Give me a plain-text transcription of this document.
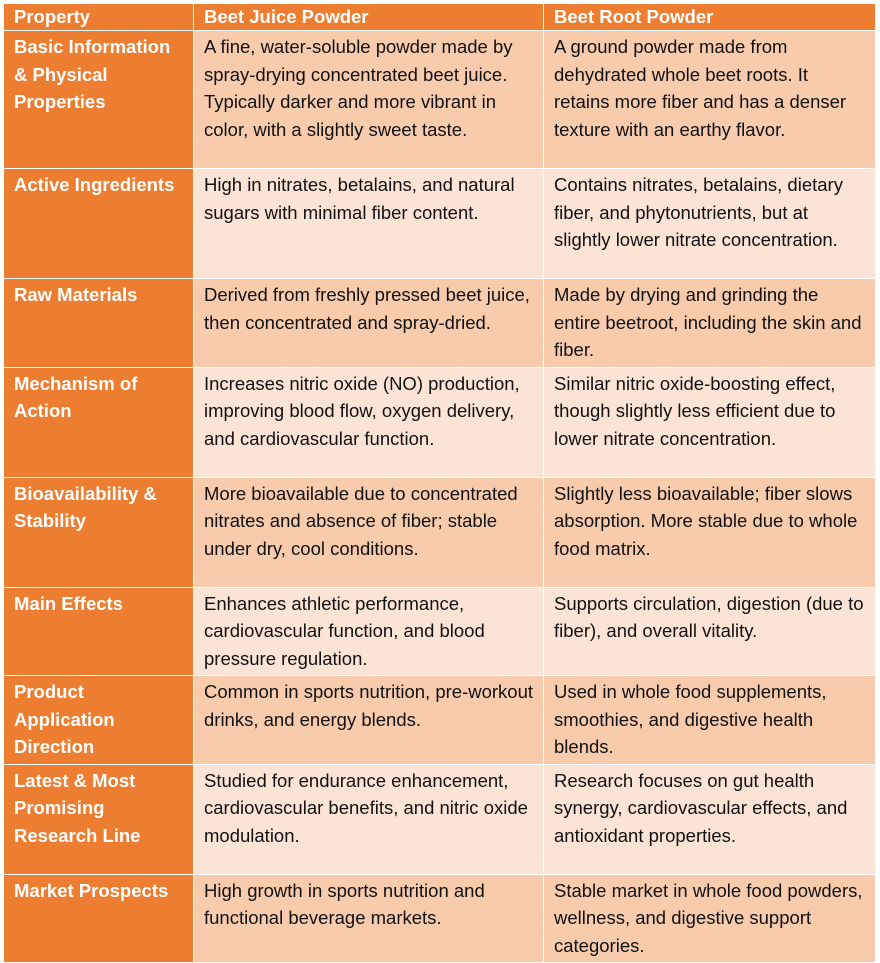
Property	Beet Juice Powder	Beet Root Powder
Basic Information & Physical Properties	A fine, water-soluble powder made by spray-drying concentrated beet juice. Typically darker and more vibrant in color, with a slightly sweet taste.	A ground powder made from dehydrated whole beet roots. It retains more fiber and has a denser texture with an earthy flavor.
Active Ingredients	High in nitrates, betalains, and natural sugars with minimal fiber content.	Contains nitrates, betalains, dietary fiber, and phytonutrients, but at slightly lower nitrate concentration.
Raw Materials	Derived from freshly pressed beet juice, then concentrated and spray-dried.	Made by drying and grinding the entire beetroot, including the skin and fiber.
Mechanism of Action	Increases nitric oxide (NO) production, improving blood flow, oxygen delivery, and cardiovascular function.	Similar nitric oxide-boosting effect, though slightly less efficient due to lower nitrate concentration.
Bioavailability & Stability	More bioavailable due to concentrated nitrates and absence of fiber; stable under dry, cool conditions.	Slightly less bioavailable; fiber slows absorption. More stable due to whole food matrix.
Main Effects	Enhances athletic performance, cardiovascular function, and blood pressure regulation.	Supports circulation, digestion (due to fiber), and overall vitality.
Product Application Direction	Common in sports nutrition, pre-workout drinks, and energy blends.	Used in whole food supplements, smoothies, and digestive health blends.
Latest & Most Promising Research Line	Studied for endurance enhancement, cardiovascular benefits, and nitric oxide modulation.	Research focuses on gut health synergy, cardiovascular effects, and antioxidant properties.
Market Prospects	High growth in sports nutrition and functional beverage markets.	Stable market in whole food powders, wellness, and digestive support categories.
